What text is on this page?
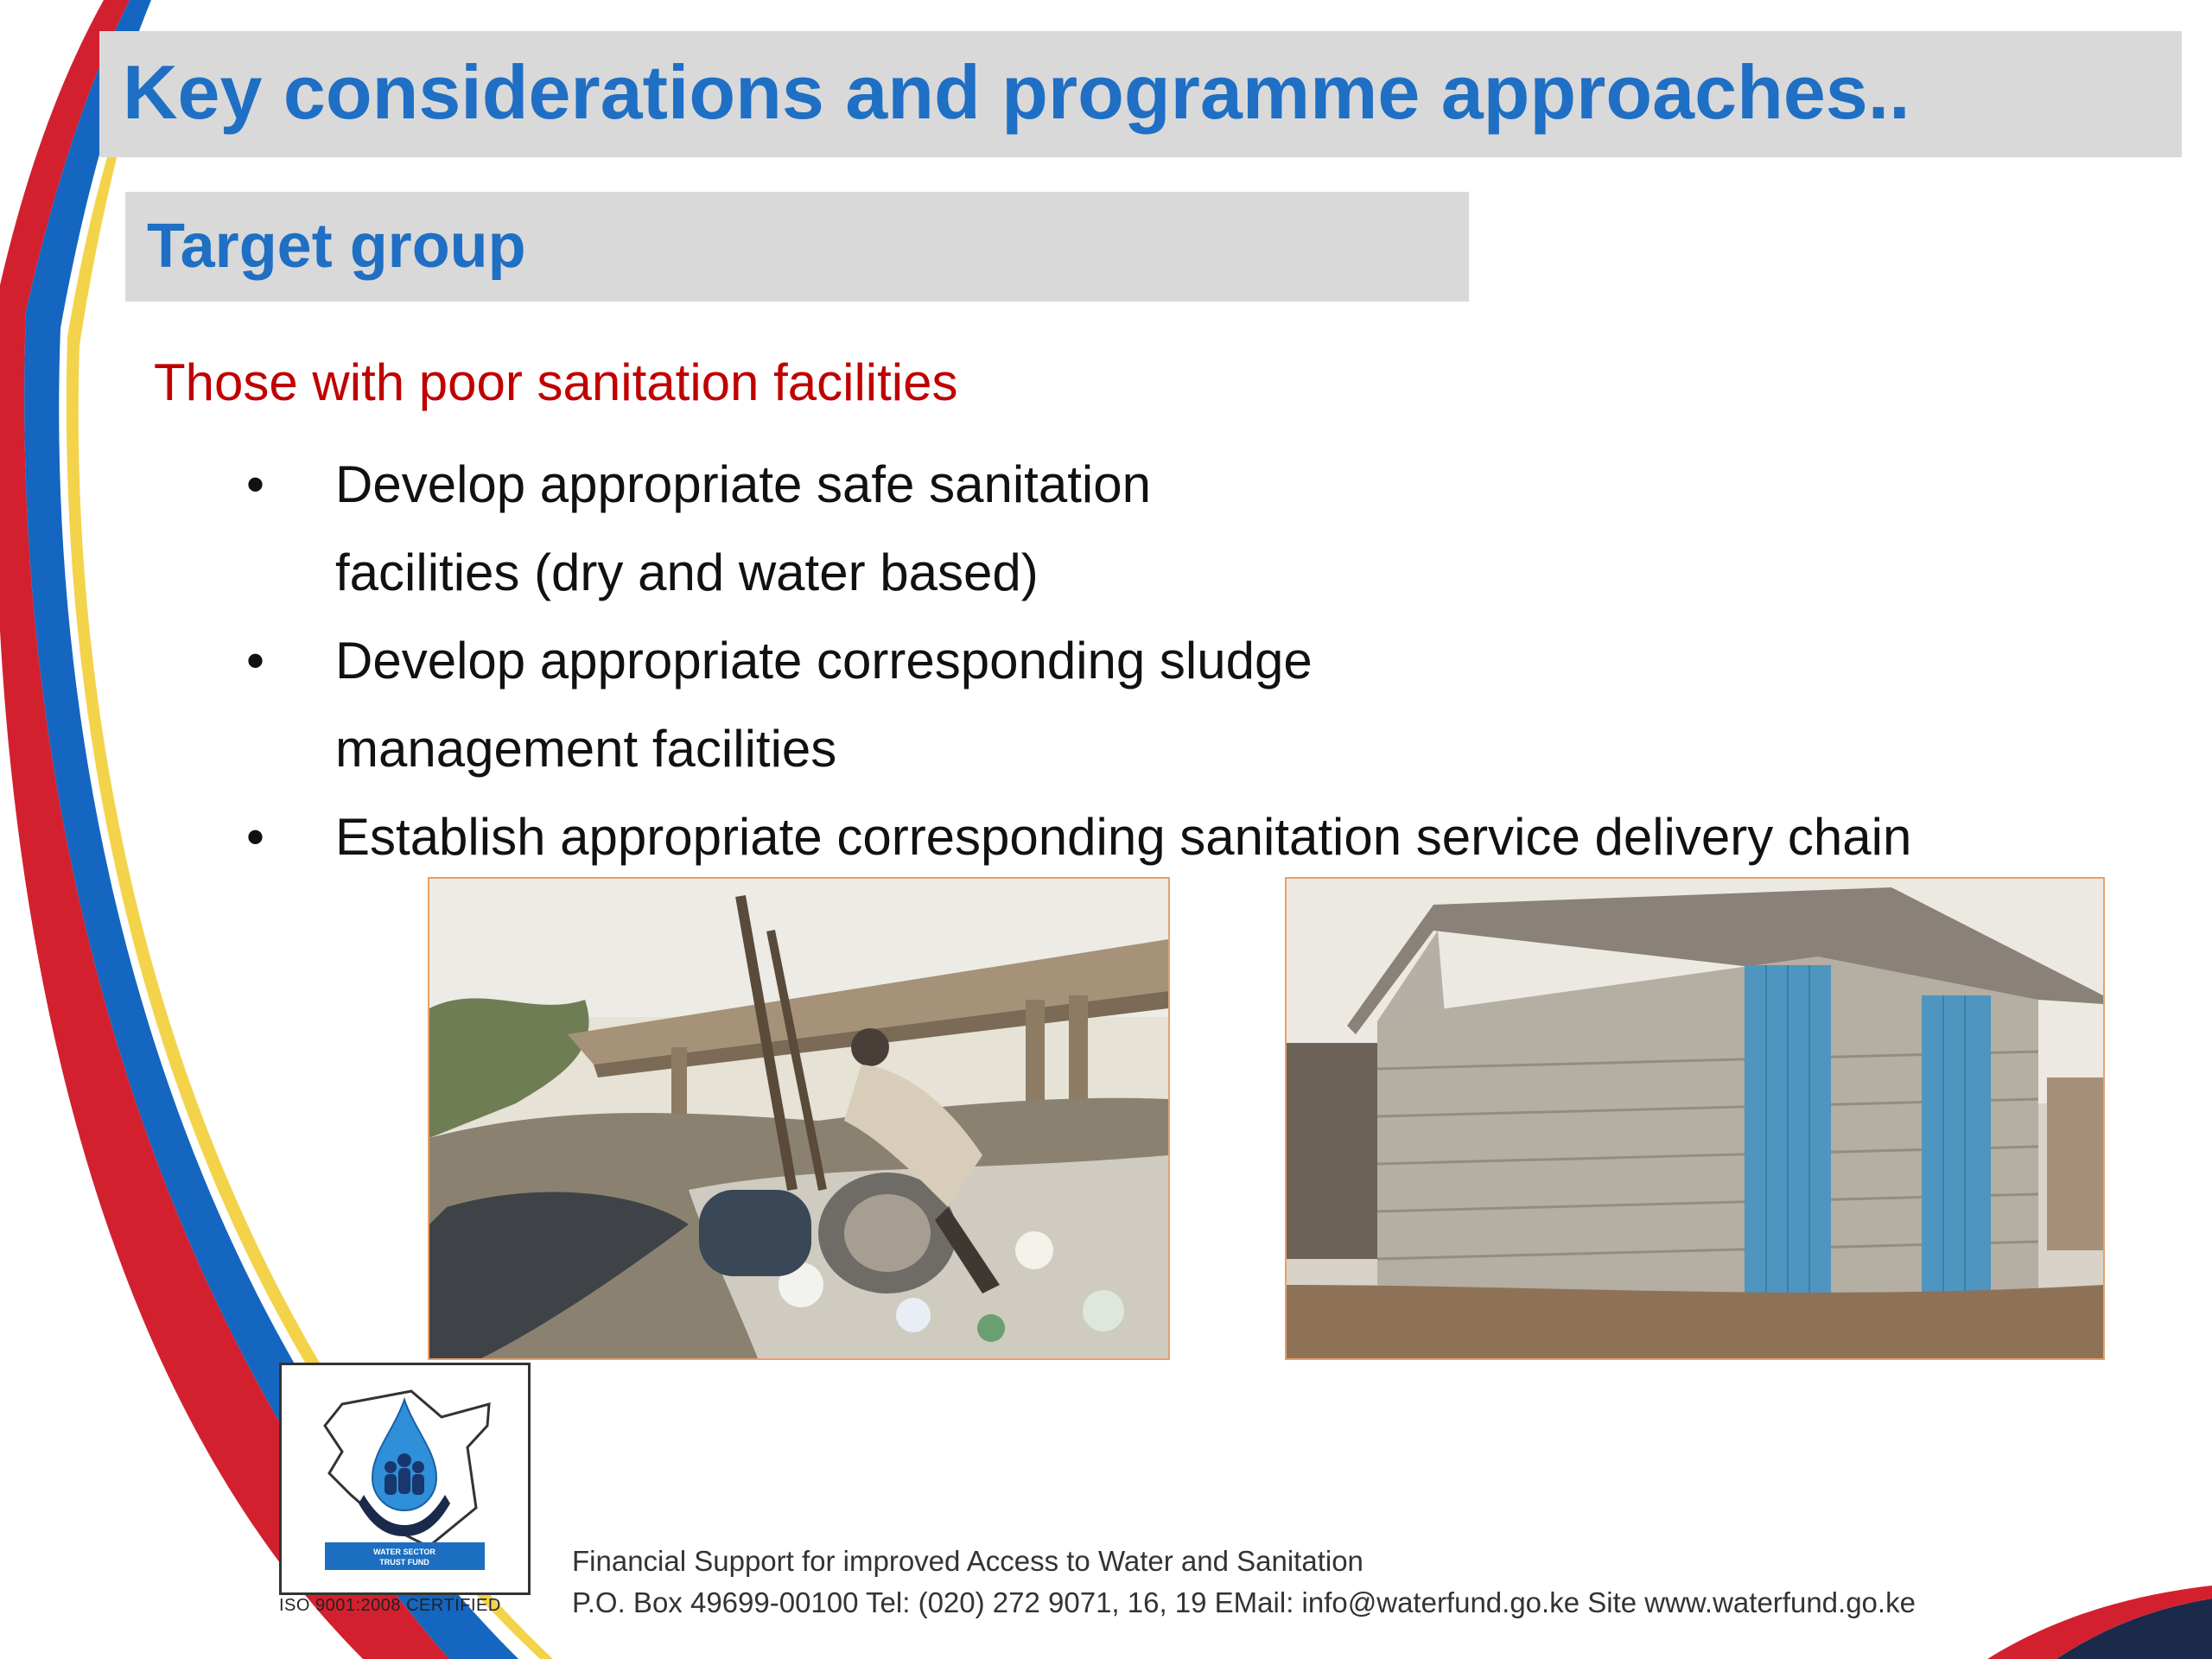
Key considerations and programme approaches..
Target group
Those with poor sanitation facilities
• Develop appropriate safe sanitation
facilities (dry and water based)
• Develop appropriate corresponding sludge
management facilities
• Establish appropriate corresponding sanitation service delivery chain
WATER SECTOR
TRUST FUND
ISO 9001:2008 CERTIFIED
Financial Support for improved Access to Water and Sanitation
P.O. Box 49699-00100 Tel: (020) 272 9071, 16, 19 EMail: info@waterfund.go.ke Site www.waterfund.go.ke
